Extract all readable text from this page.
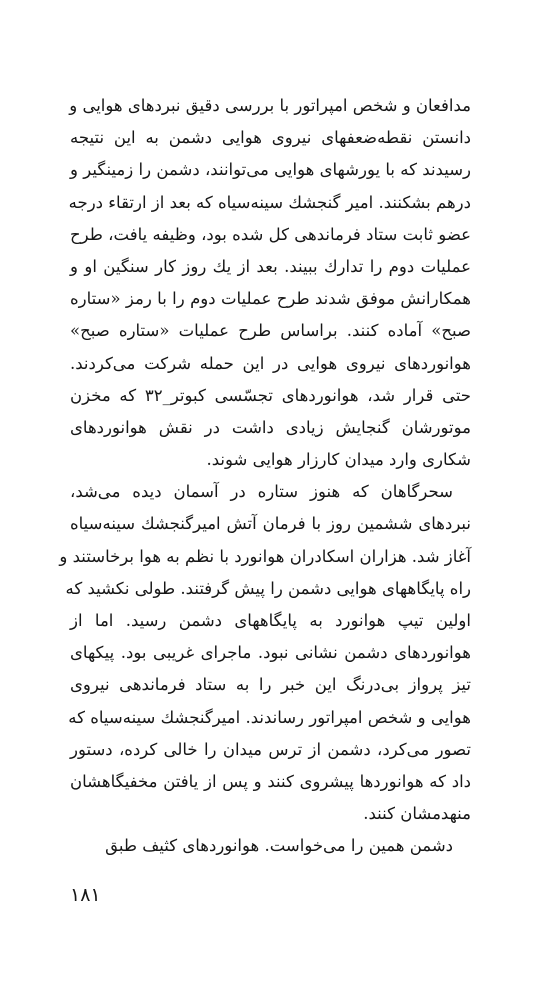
مدافعان و شخص امپراتور با بررسی دقیق نبردهای هوایی و
دانستن نقطه‌ضعفهای نیروی هوایی دشمن به این نتیجه
رسیدند که با یورشهای هوایی می‌توانند، دشمن را زمینگیر و
درهم بشکنند. امیر گنجشك سینه‌سیاه که بعد از ارتقاء درجه
عضو ثابت ستاد فرماندهی کل شده بود، وظیفه یافت، طرح
عملیات دوم را تدارك ببیند. بعد از یك روز کار سنگین او و
همکارانش موفق شدند طرح عملیات دوم را با رمز «ستاره
صبح» آماده کنند. براساس طرح عملیات «ستاره صبح»
هوانوردهای نیروی هوایی در این حمله شرکت می‌کردند.
حتی قرار شد، هوانوردهای تجسّسی کبوتر_۳۲ که مخزن
موتورشان گنجایش زیادی داشت در نقش هوانوردهای
شکاری وارد میدان کارزار هوایی شوند.
سحرگاهان که هنوز ستاره در آسمان دیده می‌شد،
نبردهای ششمین روز با فرمان آتش امیرگنجشك سینه‌سیاه
آغاز شد. هزاران اسکادران هوانورد با نظم به هوا برخاستند و
راه پایگاههای هوایی دشمن را پیش گرفتند. طولی نکشید که
اولین تیپ هوانورد به پایگاههای دشمن رسید. اما از
هوانوردهای دشمن نشانی نبود. ماجرای غریبی بود. پیکهای
تیز پرواز بی‌درنگ این خبر را به ستاد فرماندهی نیروی
هوایی و شخص امپراتور رساندند. امیرگنجشك سینه‌سیاه که
تصور می‌کرد، دشمن از ترس میدان را خالی کرده، دستور
داد که هوانوردها پیشروی کنند و پس از یافتن مخفیگاهشان
منهدمشان کنند.
دشمن همین را می‌خواست. هوانوردهای کثیف طبق
۱۸۱
